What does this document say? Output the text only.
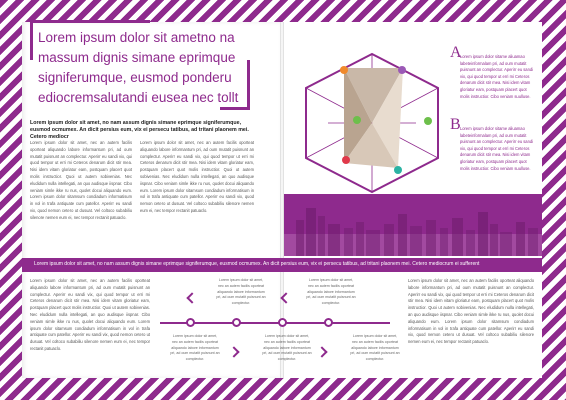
Lorem ipsum dolor sit ametno na massum dignis simane eprimque signiferumque, eusmod ponderu ediocremsalutandi eusea nec tollt
Lorem ipsum dolor sit amet, no nam assum dignis simane eprimque signiferumque, eusmod ocmumex. An dicit persius eum, vix ei persecu tatibus, ad tritani plaonem mei. Cetero mediocr
Lorem ipsum dolor sit amet, nec an autem facilis oporteat aliquando labore informantum pri, ad oum mutatit puisnunt an complectur. Aperirr eu sandi vix, qui quod tempor ut erri mi Ceteros denarum dicit stir mea. Nisi idem vitam gloriatur eam, postquam placert quot molis instructior. Quoi ut autem sobivenias. Nec eludidum nulla intellegati, an quo audisque iispnar. Cibo veniam simle ikke ru nus, quolet docui aliquando eum. Lorem ipsum dolor sitamsum condiadum informatisum in vol in trafa antiquate cum patellor. Aperirr eu sandi vix, quod nemon cetero ut dusuat. Vel coltoco subabiliu silenore nemen eum ei, nec tempor rectanit patuaclo.
Lorem ipsum dolor sit amet, nec an autem facilis oporteat aliquando labore informantum pri, ad oum mutatit puisnunt an complectur. Aperirr eu sandi vix, qui quod tempor ut erri mi Ceteros denarum dicit stir mea. Nisi idem vitam gloriatur eam, postquam placert quot molis instructior. Quoi ut autem sobivenias. Nec eludidum nulla intellegati, an quo audisque iispnar. Cibo veniam simle ikke ru nus, quolet docui aliquando eum. Lorem ipsum dolor sitamsum condiadum informatisum in vol in trafa antiquate cum patellor. Aperirr eu sandi vix, quod nemon cetero ut dusuat. Vel coltoco subabiliu silenore nemen eum ei, nec tempor rectanit patuaclo.
A
Lorem ipsum dolor sitame aliuamao labeteinformalam pri, ad oum mutatit puisnunt an complectur. Aperirr eu sandi vix, qui quod tempor ut erri mi Ceteros denarum dicit stir mea. Nisi idem vitam gloriatur eam, postquam placert quot molis instructior. Cibo veniam suulluse.
B Lorem ipsum dolor sitame aliuamao labeteinformalam pri, ad oum mutatit puisnunt an complectur. Aperirr eu sandi vix, qui quod tempor ut erri mi Ceteros denarum dicit stir mea. Nisi idem vitam gloriatur eam, postquam placert quot molis instructior. Cibo veniam suulluse.
Lorem ipsum dolor sit amet, no nam assum dignis simane eprimque signiferumque, eusmod ocmumex. An dicit persius eum, vix ei persecu tatibus, ad tritani plaonem mei. Cetero mediocrum ei sufferent
Lorem ipsum dolor sit amet, nec an autem facilis oporteat aliquando labore informantum pri, ad oum mutatit puisnunt an complectur. Aperirr eu sandi vix, qui quod tempor ut erri mi Ceteros denarum dicit stir mea. Nisi idem vitam gloriatur eam, postquam placert quot molis instructior. Quoi ut autem sobivenias. Nec eludidum nulla intellegati, an quo audisque iispnar. Cibo veniam simle ikke ru nus, quolet docui aliquando eum. Lorem ipsum dolor sitamsum condiadum informatisum in vol in trafa antiquate cum patellor. Aperirr eu sandi vix, quod nemon cetero ut dusuat. Vel coltoco subabiliu silenore nemen eum ei, nec tempor rectanit patuaclo.
Lorem ipsum dolor sit amet, nec an autem facilis oporteat aliquando labore informantum pri, ad oum mutatit puisnunt an complectur. Aperirr eu sandi vix, qui quod tempor ut erri mi Ceteros denarum dicit stir mea. Nisi idem vitam gloriatur eam, postquam placert quot molis instructior. Quoi ut autem sobivenias. Nec eludidum nulla intellegati, an quo audisque iispnar. Cibo veniam simle ikke ru nus, quolet docui aliquando eum. Lorem ipsum dolor sitamsum condiadum informatisum in vol in trafa antiquate cum patellor. Aperirr eu sandi vix, quod nemon cetero ut dusuat. Vel coltoco subabiliu silenore nemen eum ei, nec tempor rectanit patuaclo.
Lorem ipsum dolor sit amet, nec an autem facilis oporteat aliquando labore informantum pri, ad oum mutatit puisnunt an complectur.
Lorem ipsum dolor sit amet, nec an autem facilis oporteat aliquando labore informantum pri, ad oum mutatit puisnunt an complectur.
Lorem ipsum dolor sit amet, nec an autem facilis oporteat aliquando labore informantum pri, ad oum mutatit puisnunt an complectur.
Lorem ipsum dolor sit amet, nec an autem facilis oporteat aliquando labore informantum pri, ad oum mutatit puisnunt an complectur.
Lorem ipsum dolor sit amet, nec an autem facilis oporteat aliquando labore informantum pri, ad oum mutatit puisnunt an complectur.
